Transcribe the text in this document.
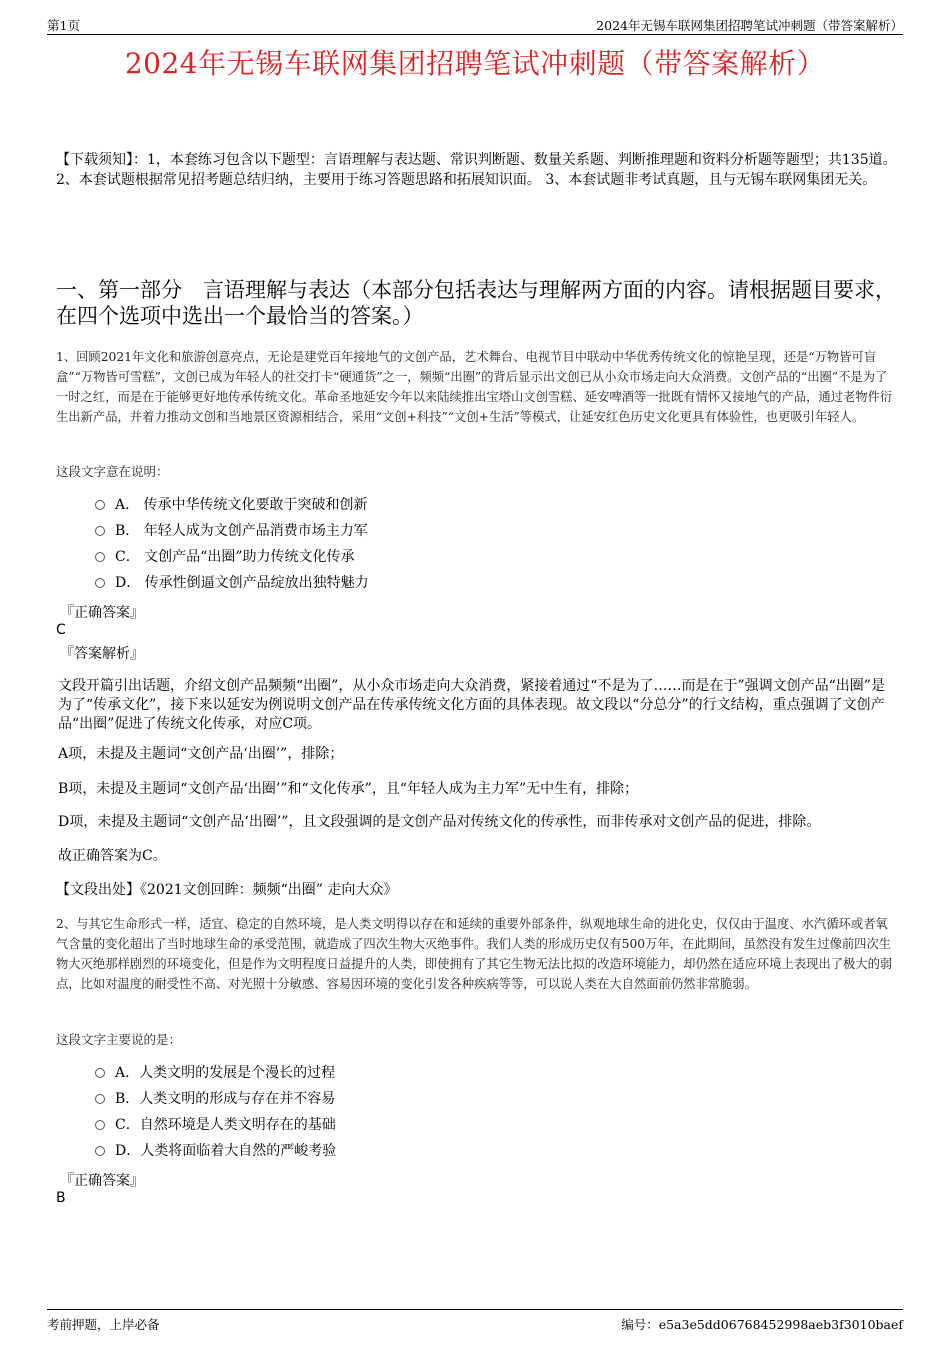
第1页	2024年无锡车联网集团招聘笔试冲刺题（带答案解析）
2024年无锡车联网集团招聘笔试冲刺题（带答案解析）
【下载须知】：1，本套练习包含以下题型：言语理解与表达题、常识判断题、数量关系题、判断推理题和资料分析题等题型；共135道。 2、本套试题根据常见招考题总结归纳，主要用于练习答题思路和拓展知识面。 3、本套试题非考试真题，且与无锡车联网集团无关。
一、第一部分　言语理解与表达（本部分包括表达与理解两方面的内容。请根据题目要求，在四个选项中选出一个最恰当的答案。）
1、回顾2021年文化和旅游创意亮点，无论是建党百年接地气的文创产品，艺术舞台、电视节目中联动中华优秀传统文化的惊艳呈现，还是“万物皆可盲盒”“万物皆可雪糕”，文创已成为年轻人的社交打卡“硬通货”之一，频频“出圈”的背后显示出文创已从小众市场走向大众消费。文创产品的“出圈”不是为了一时之红，而是在于能够更好地传承传统文化。革命圣地延安今年以来陆续推出宝塔山文创雪糕、延安啤酒等一批既有情怀又接地气的产品，通过老物件衍生出新产品，并着力推动文创和当地景区资源相结合，采用“文创+科技”“文创+生活”等模式，让延安红色历史文化更具有体验性，也更吸引年轻人。
这段文字意在说明：
A． 传承中华传统文化要敢于突破和创新
B． 年轻人成为文创产品消费市场主力军
C． 文创产品“出圈”助力传统文化传承
D． 传承性倒逼文创产品绽放出独特魅力
『正确答案』
C
『答案解析』
文段开篇引出话题，介绍文创产品频频“出圈”，从小众市场走向大众消费，紧接着通过“不是为了……而是在于”强调文创产品“出圈”是为了“传承文化”，接下来以延安为例说明文创产品在传承传统文化方面的具体表现。故文段以“分总分”的行文结构，重点强调了文创产品“出圈”促进了传统文化传承，对应C项。
A项，未提及主题词“文创产品‘出圈’”，排除；
B项，未提及主题词“文创产品‘出圈’”和“文化传承”，且“年轻人成为主力军”无中生有，排除；
D项，未提及主题词“文创产品‘出圈’”，且文段强调的是文创产品对传统文化的传承性，而非传承对文创产品的促进，排除。
故正确答案为C。
【文段出处】《2021文创回眸：频频“出圈” 走向大众》
2、与其它生命形式一样，适宜、稳定的自然环境，是人类文明得以存在和延续的重要外部条件，纵观地球生命的进化史，仅仅由于温度、水汽循环或者氧气含量的变化超出了当时地球生命的承受范围，就造成了四次生物大灭绝事件。我们人类的形成历史仅有500万年，在此期间，虽然没有发生过像前四次生物大灭绝那样剧烈的环境变化，但是作为文明程度日益提升的人类，即使拥有了其它生物无法比拟的改造环境能力，却仍然在适应环境上表现出了极大的弱点，比如对温度的耐受性不高、对光照十分敏感、容易因环境的变化引发各种疾病等等，可以说人类在大自然面前仍然非常脆弱。
这段文字主要说的是：
A．人类文明的发展是个漫长的过程
B．人类文明的形成与存在并不容易
C．自然环境是人类文明存在的基础
D．人类将面临着大自然的严峻考验
『正确答案』
B
考前押题，上岸必备	编号：e5a3e5dd06768452998aeb3f3010baef
